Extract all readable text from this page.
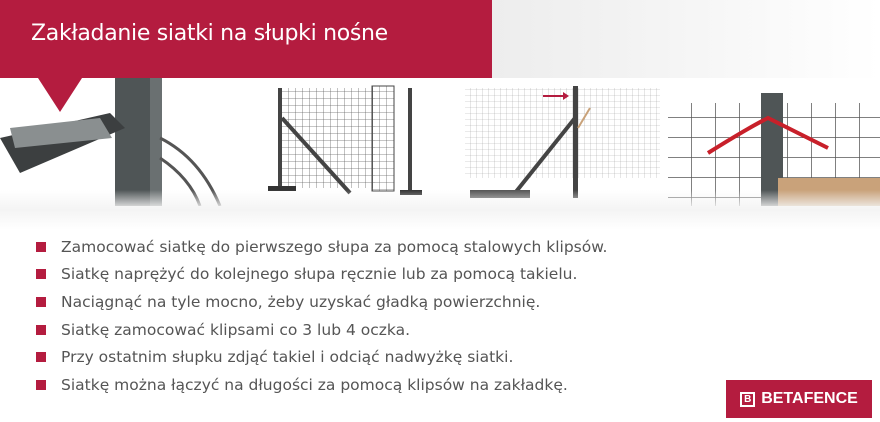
Zakładanie siatki na słupki nośne
Zamocować siatkę do pierwszego słupa za pomocą stalowych klipsów.
Siatkę naprężyć do kolejnego słupa ręcznie lub za pomocą takielu.
Naciągnąć na tyle mocno, żeby uzyskać gładką powierzchnię.
Siatkę zamocować klipsami co 3 lub 4 oczka.
Przy ostatnim słupku zdjąć takiel i odciąć nadwyżkę siatki.
Siatkę można łączyć na długości za pomocą klipsów na zakładkę.
B BETAFENCE
